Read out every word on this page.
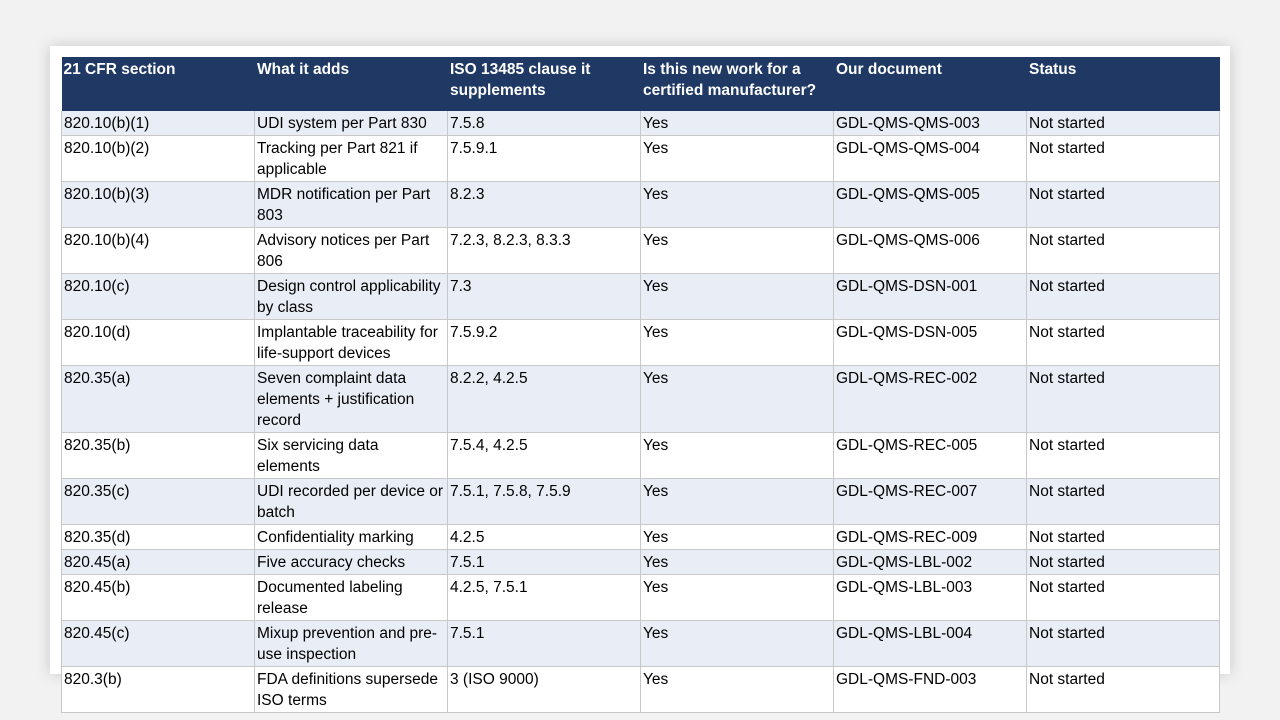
21 CFR section	What it adds	ISO 13485 clause it supplements	Is this new work for a certified manufacturer?	Our document	Status
820.10(b)(1)	UDI system per Part 830	7.5.8	Yes	GDL-QMS-QMS-003	Not started
820.10(b)(2)	Tracking per Part 821 if applicable	7.5.9.1	Yes	GDL-QMS-QMS-004	Not started
820.10(b)(3)	MDR notification per Part 803	8.2.3	Yes	GDL-QMS-QMS-005	Not started
820.10(b)(4)	Advisory notices per Part 806	7.2.3, 8.2.3, 8.3.3	Yes	GDL-QMS-QMS-006	Not started
820.10(c)	Design control applicability by class	7.3	Yes	GDL-QMS-DSN-001	Not started
820.10(d)	Implantable traceability for life-support devices	7.5.9.2	Yes	GDL-QMS-DSN-005	Not started
820.35(a)	Seven complaint data elements + justification record	8.2.2, 4.2.5	Yes	GDL-QMS-REC-002	Not started
820.35(b)	Six servicing data elements	7.5.4, 4.2.5	Yes	GDL-QMS-REC-005	Not started
820.35(c)	UDI recorded per device or batch	7.5.1, 7.5.8, 7.5.9	Yes	GDL-QMS-REC-007	Not started
820.35(d)	Confidentiality marking	4.2.5	Yes	GDL-QMS-REC-009	Not started
820.45(a)	Five accuracy checks	7.5.1	Yes	GDL-QMS-LBL-002	Not started
820.45(b)	Documented labeling release	4.2.5, 7.5.1	Yes	GDL-QMS-LBL-003	Not started
820.45(c)	Mixup prevention and pre-use inspection	7.5.1	Yes	GDL-QMS-LBL-004	Not started
820.3(b)	FDA definitions supersede ISO terms	3 (ISO 9000)	Yes	GDL-QMS-FND-003	Not started
